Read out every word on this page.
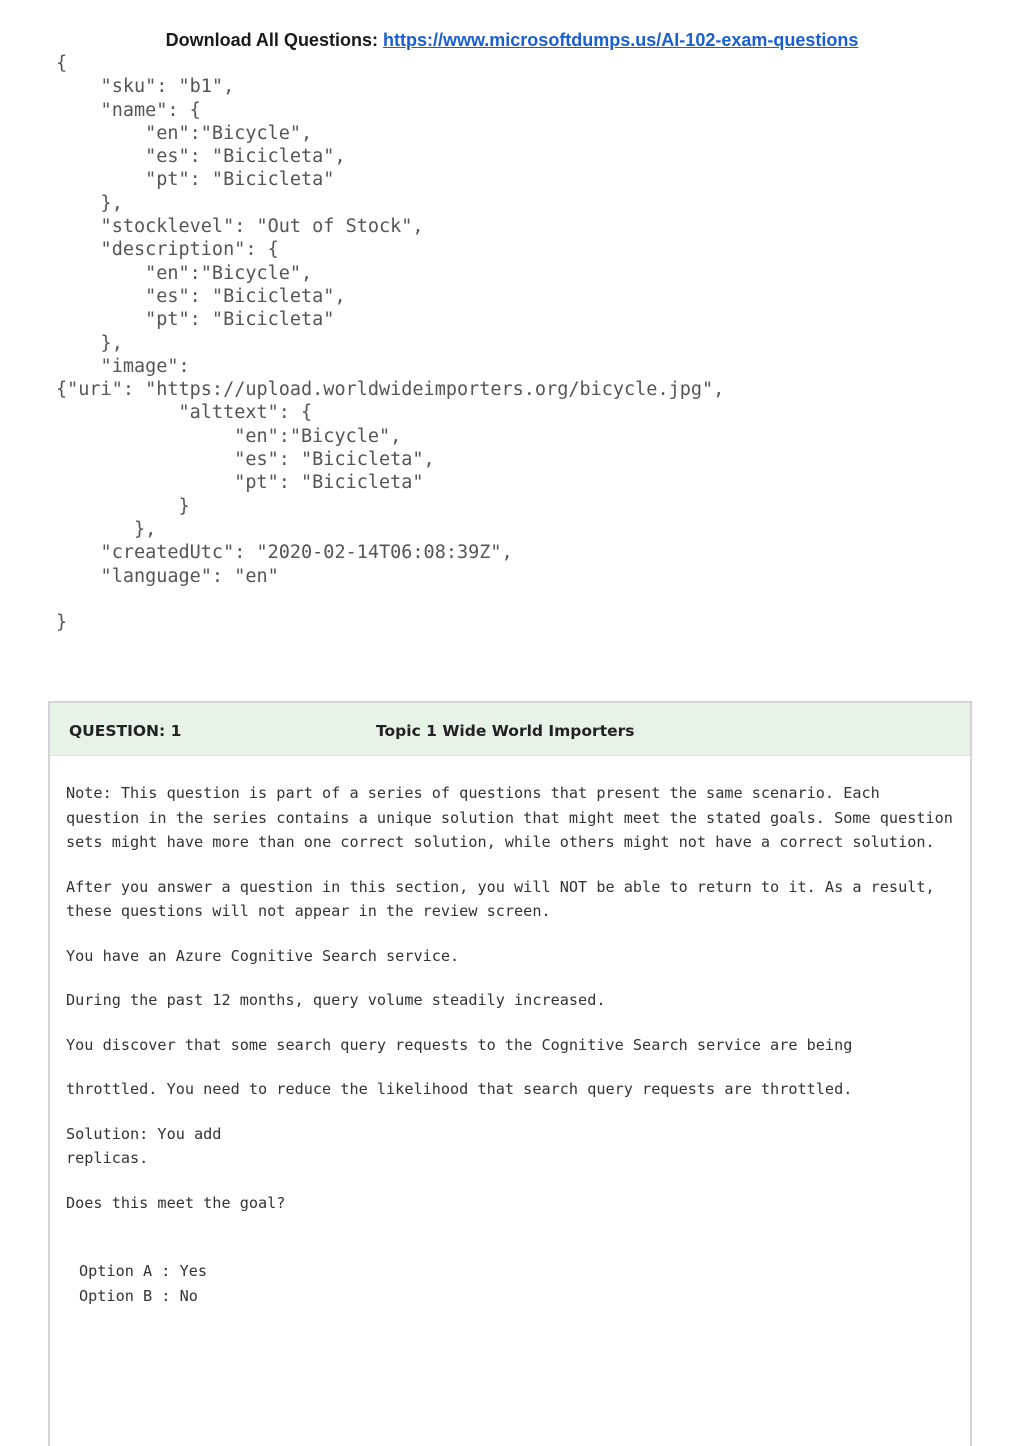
Download All Questions: https://www.microsoftdumps.us/AI-102-exam-questions
{
"sku": "b1",
"name": {
"en":"Bicycle",
"es": "Bicicleta",
"pt": "Bicicleta"
},
"stocklevel": "Out of Stock",
"description": {
"en":"Bicycle",
"es": "Bicicleta",
"pt": "Bicicleta"
},
"image":
{"uri": "https://upload.worldwideimporters.org/bicycle.jpg",
"alttext": {
"en":"Bicycle",
"es": "Bicicleta",
"pt": "Bicicleta"
}
},
"createdUtc": "2020-02-14T06:08:39Z",
"language": "en"

}
QUESTION: 1	Topic 1 Wide World Importers

Note: This question is part of a series of questions that present the same scenario. Each question in the series contains a unique solution that might meet the stated goals. Some question sets might have more than one correct solution, while others might not have a correct solution.

After you answer a question in this section, you will NOT be able to return to it. As a result, these questions will not appear in the review screen.

You have an Azure Cognitive Search service.

During the past 12 months, query volume steadily increased.

You discover that some search query requests to the Cognitive Search service are being

throttled. You need to reduce the likelihood that search query requests are throttled.

Solution: You add
replicas.

Does this meet the goal?

Option A : Yes
Option B : No
